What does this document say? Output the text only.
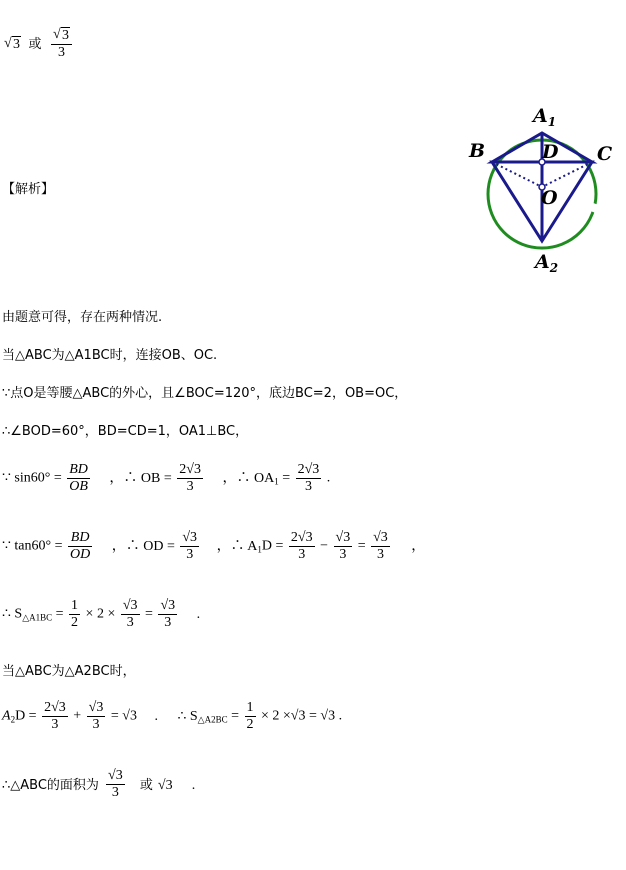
√ 3 或
√ $\frac{3}{3}$
【解析】
$A_1$
B	C
D
O
$A_2$
由题意可得，存在两种情况.
当△ABC为△A1BC时，连接OB、OC.
∵点O是等腰△ABC的外心，且∠BOC=120°，底边BC=2，OB=OC，
∴∠BOD=60°，BD=CD=1，OA1⊥BC，
∵ $\sin 60^\circ = \frac{BD}{OB}$ ，∴ OB = $\frac{2√3}{3}$ ，∴ $OA_1 = \frac{2√3}{3}$ .
∵ $\tan 60^\circ = \frac{BD}{OD}$ ，∴ OD = $\frac{√3}{3}$ ，∴ $A_1D = \frac{2√3}{3} - \frac{√3}{3} = \frac{√3}{3}$ ，
∴ $S_{\triangle A1BC} = \frac{1}{2} \times 2 \times \frac{√3}{3} = \frac{√3}{3}$ .
当△ABC为△A2BC时，
$A_2D = \frac{2√3}{3} + \frac{√3}{3} = √3$ . ∴ $S_{\triangle A2BC} = \frac{1}{2} \times 2 \times√3 = √3$ .
∴△ABC的面积为 $\frac{√3}{3}$ 或 √3 .
